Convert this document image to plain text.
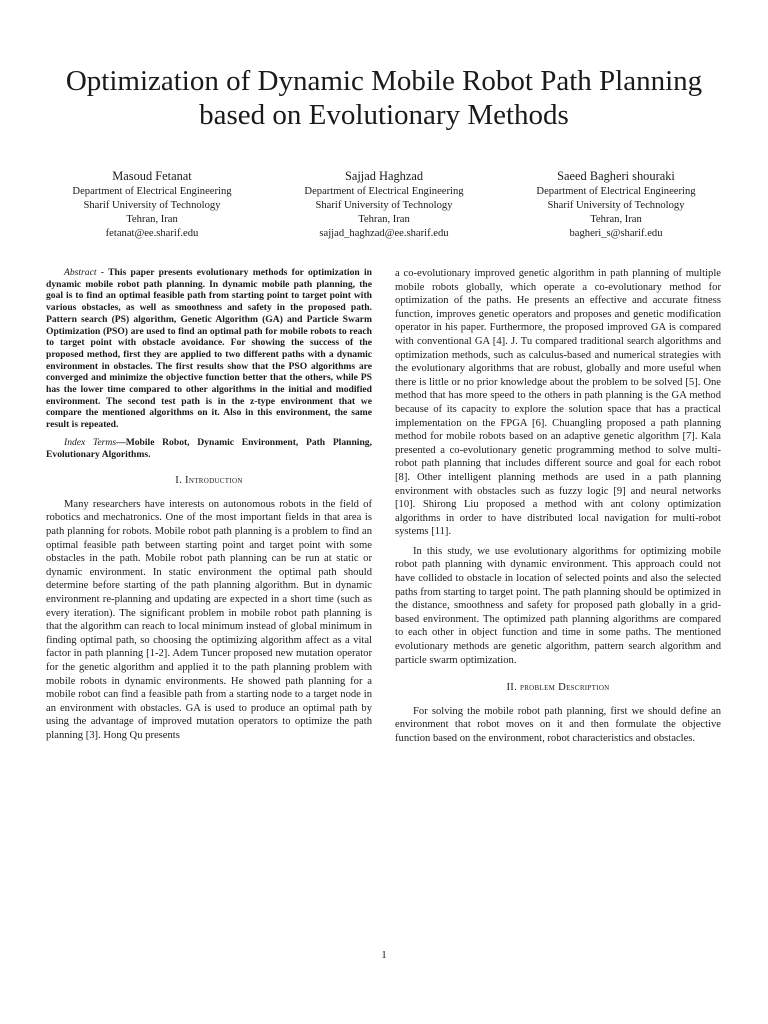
Optimization of Dynamic Mobile Robot Path Planning based on Evolutionary Methods
Masoud Fetanat
Department of Electrical Engineering
Sharif University of Technology
Tehran, Iran
fetanat@ee.sharif.edu
Sajjad Haghzad
Department of Electrical Engineering
Sharif University of Technology
Tehran, Iran
sajjad_haghzad@ee.sharif.edu
Saeed Bagheri shouraki
Department of Electrical Engineering
Sharif University of Technology
Tehran, Iran
bagheri_s@sharif.edu

Abstract - This paper presents evolutionary methods for optimization in dynamic mobile robot path planning. In dynamic mobile path planning, the goal is to find an optimal feasible path from starting point to target point with various obstacles, as well as smoothness and safety in the proposed path. Pattern search (PS) algorithm, Genetic Algorithm (GA) and Particle Swarm Optimization (PSO) are used to find an optimal path for mobile robots to reach to target point with obstacle avoidance. For showing the success of the proposed method, first they are applied to two different paths with a dynamic environment in obstacles. The first results show that the PSO algorithms are converged and minimize the objective function better that the others, while PS has the lower time compared to other algorithms in the initial and modified environment. The second test path is in the z-type environment that we compare the mentioned algorithms on it. Also in this environment, the same result is repeated.

Index Terms—Mobile Robot, Dynamic Environment, Path Planning, Evolutionary Algorithms.

I. Introduction

Many researchers have interests on autonomous robots in the field of robotics and mechatronics. One of the most important fields in that area is path planning for robots. Mobile robot path planning is a problem to find an optimal feasible path between starting point and target point with some obstacles in the path. Mobile robot path planning can be run at static or dynamic environment. In static environment the optimal path should determine before starting of the path planning algorithm. But in dynamic environment re-planning and updating are expected in a short time (such as every iteration). The significant problem in mobile robot path planning is that the algorithm can reach to local minimum instead of global minimum in finding optimal path, so choosing the optimizing algorithm affect as a vital factor in path planning [1-2]. Adem Tuncer proposed new mutation operator for the genetic algorithm and applied it to the path planning problem with mobile robots in dynamic environments. He showed path planning for a mobile robot can find a feasible path from a starting node to a target node in an environment with obstacles. GA is used to produce an optimal path by using the advantage of improved mutation operators to optimize the path planning [3]. Hong Qu presents

a co-evolutionary improved genetic algorithm in path planning of multiple mobile robots globally, which operate a co-evolutionary method for optimization of the paths. He presents an effective and accurate fitness function, improves genetic operators and proposes and genetic modification operator in his paper. Furthermore, the proposed improved GA is compared with conventional GA [4]. J. Tu compared traditional search algorithms and optimization methods, such as calculus-based and numerical strategies with the evolutionary algorithms that are robust, globally and more useful when there is little or no prior knowledge about the problem to be solved [5]. One method that has more speed to the others in path planning is the GA method because of its capacity to explore the solution space that has a practical implementation on the FPGA [6]. Chuangling proposed a path planning method for mobile robots based on an adaptive genetic algorithm [7]. Kala presented a co-evolutionary genetic programming method to solve multi-robot path planning that includes different source and goal for each robot [8]. Other intelligent planning methods are used in a path planning environment with obstacles such as fuzzy logic [9] and neural networks [10]. Shirong Liu proposed a method with ant colony optimization algorithms in order to have distributed local navigation for multi-robot systems [11].

In this study, we use evolutionary algorithms for optimizing mobile robot path planning with dynamic environment. This approach could not have collided to obstacle in location of selected points and also the selected paths from starting to target point. The path planning should be optimized in the distance, smoothness and safety for proposed path globally in a grid-based environment. The optimized path planning algorithms are compared to each other in object function and time in some paths. The mentioned evolutionary methods are genetic algorithm, pattern search algorithm and particle swarm optimization.

II. problem Description

For solving the mobile robot path planning, first we should define an environment that robot moves on it and then formulate the objective function based on the environment, robot characteristics and obstacles.

1
